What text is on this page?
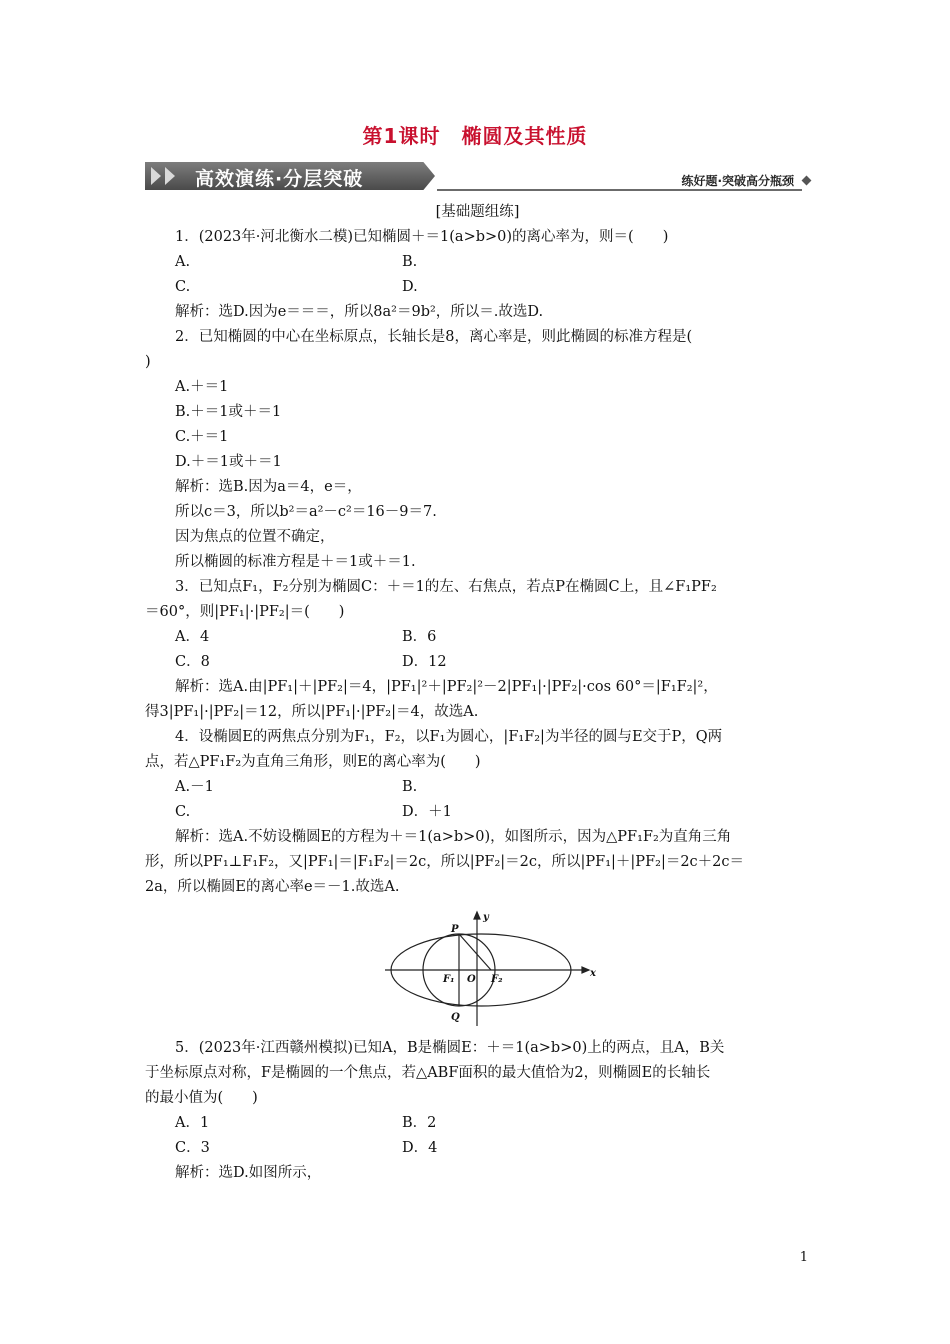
第1课时　椭圆及其性质
高效演练·分层突破	练好题·突破高分瓶颈
[基础题组练]
1．(2023年·河北衡水二模)已知椭圆＋＝1(a>b>0)的离心率为，则＝(　　)
A.	B.
C.	D.
解析：选D.因为e＝＝＝，所以8a²＝9b²，所以＝.故选D.
2．已知椭圆的中心在坐标原点，长轴长是8，离心率是，则此椭圆的标准方程是(
)
A.＋＝1
B.＋＝1或＋＝1
C.＋＝1
D.＋＝1或＋＝1
解析：选B.因为a＝4，e＝，
所以c＝3，所以b²＝a²－c²＝16－9＝7.
因为焦点的位置不确定，
所以椭圆的标准方程是＋＝1或＋＝1.
3．已知点F₁，F₂分别为椭圆C：＋＝1的左、右焦点，若点P在椭圆C上，且∠F₁PF₂
＝60°，则|PF₁|·|PF₂|＝(　　)
A．4	B．6
C．8	D．12
解析：选A.由|PF₁|＋|PF₂|＝4，|PF₁|²＋|PF₂|²－2|PF₁|·|PF₂|·cos 60°＝|F₁F₂|²，
得3|PF₁|·|PF₂|＝12，所以|PF₁|·|PF₂|＝4，故选A.
4．设椭圆E的两焦点分别为F₁，F₂，以F₁为圆心，|F₁F₂|为半径的圆与E交于P，Q两
点，若△PF₁F₂为直角三角形，则E的离心率为(　　)
A.－1	B.
C.	D．＋1
解析：选A.不妨设椭圆E的方程为＋＝1(a>b>0)，如图所示，因为△PF₁F₂为直角三角
形，所以PF₁⊥F₁F₂，又|PF₁|＝|F₁F₂|＝2c，所以|PF₂|＝2c，所以|PF₁|＋|PF₂|＝2c＋2c＝
2a，所以椭圆E的离心率e＝－1.故选A.
y
x
P
Q
F₁ O F₂
5．(2023年·江西赣州模拟)已知A，B是椭圆E：＋＝1(a>b>0)上的两点，且A，B关
于坐标原点对称，F是椭圆的一个焦点，若△ABF面积的最大值恰为2，则椭圆E的长轴长
的最小值为(　　)
A．1	B．2
C．3	D．4
解析：选D.如图所示，
1
